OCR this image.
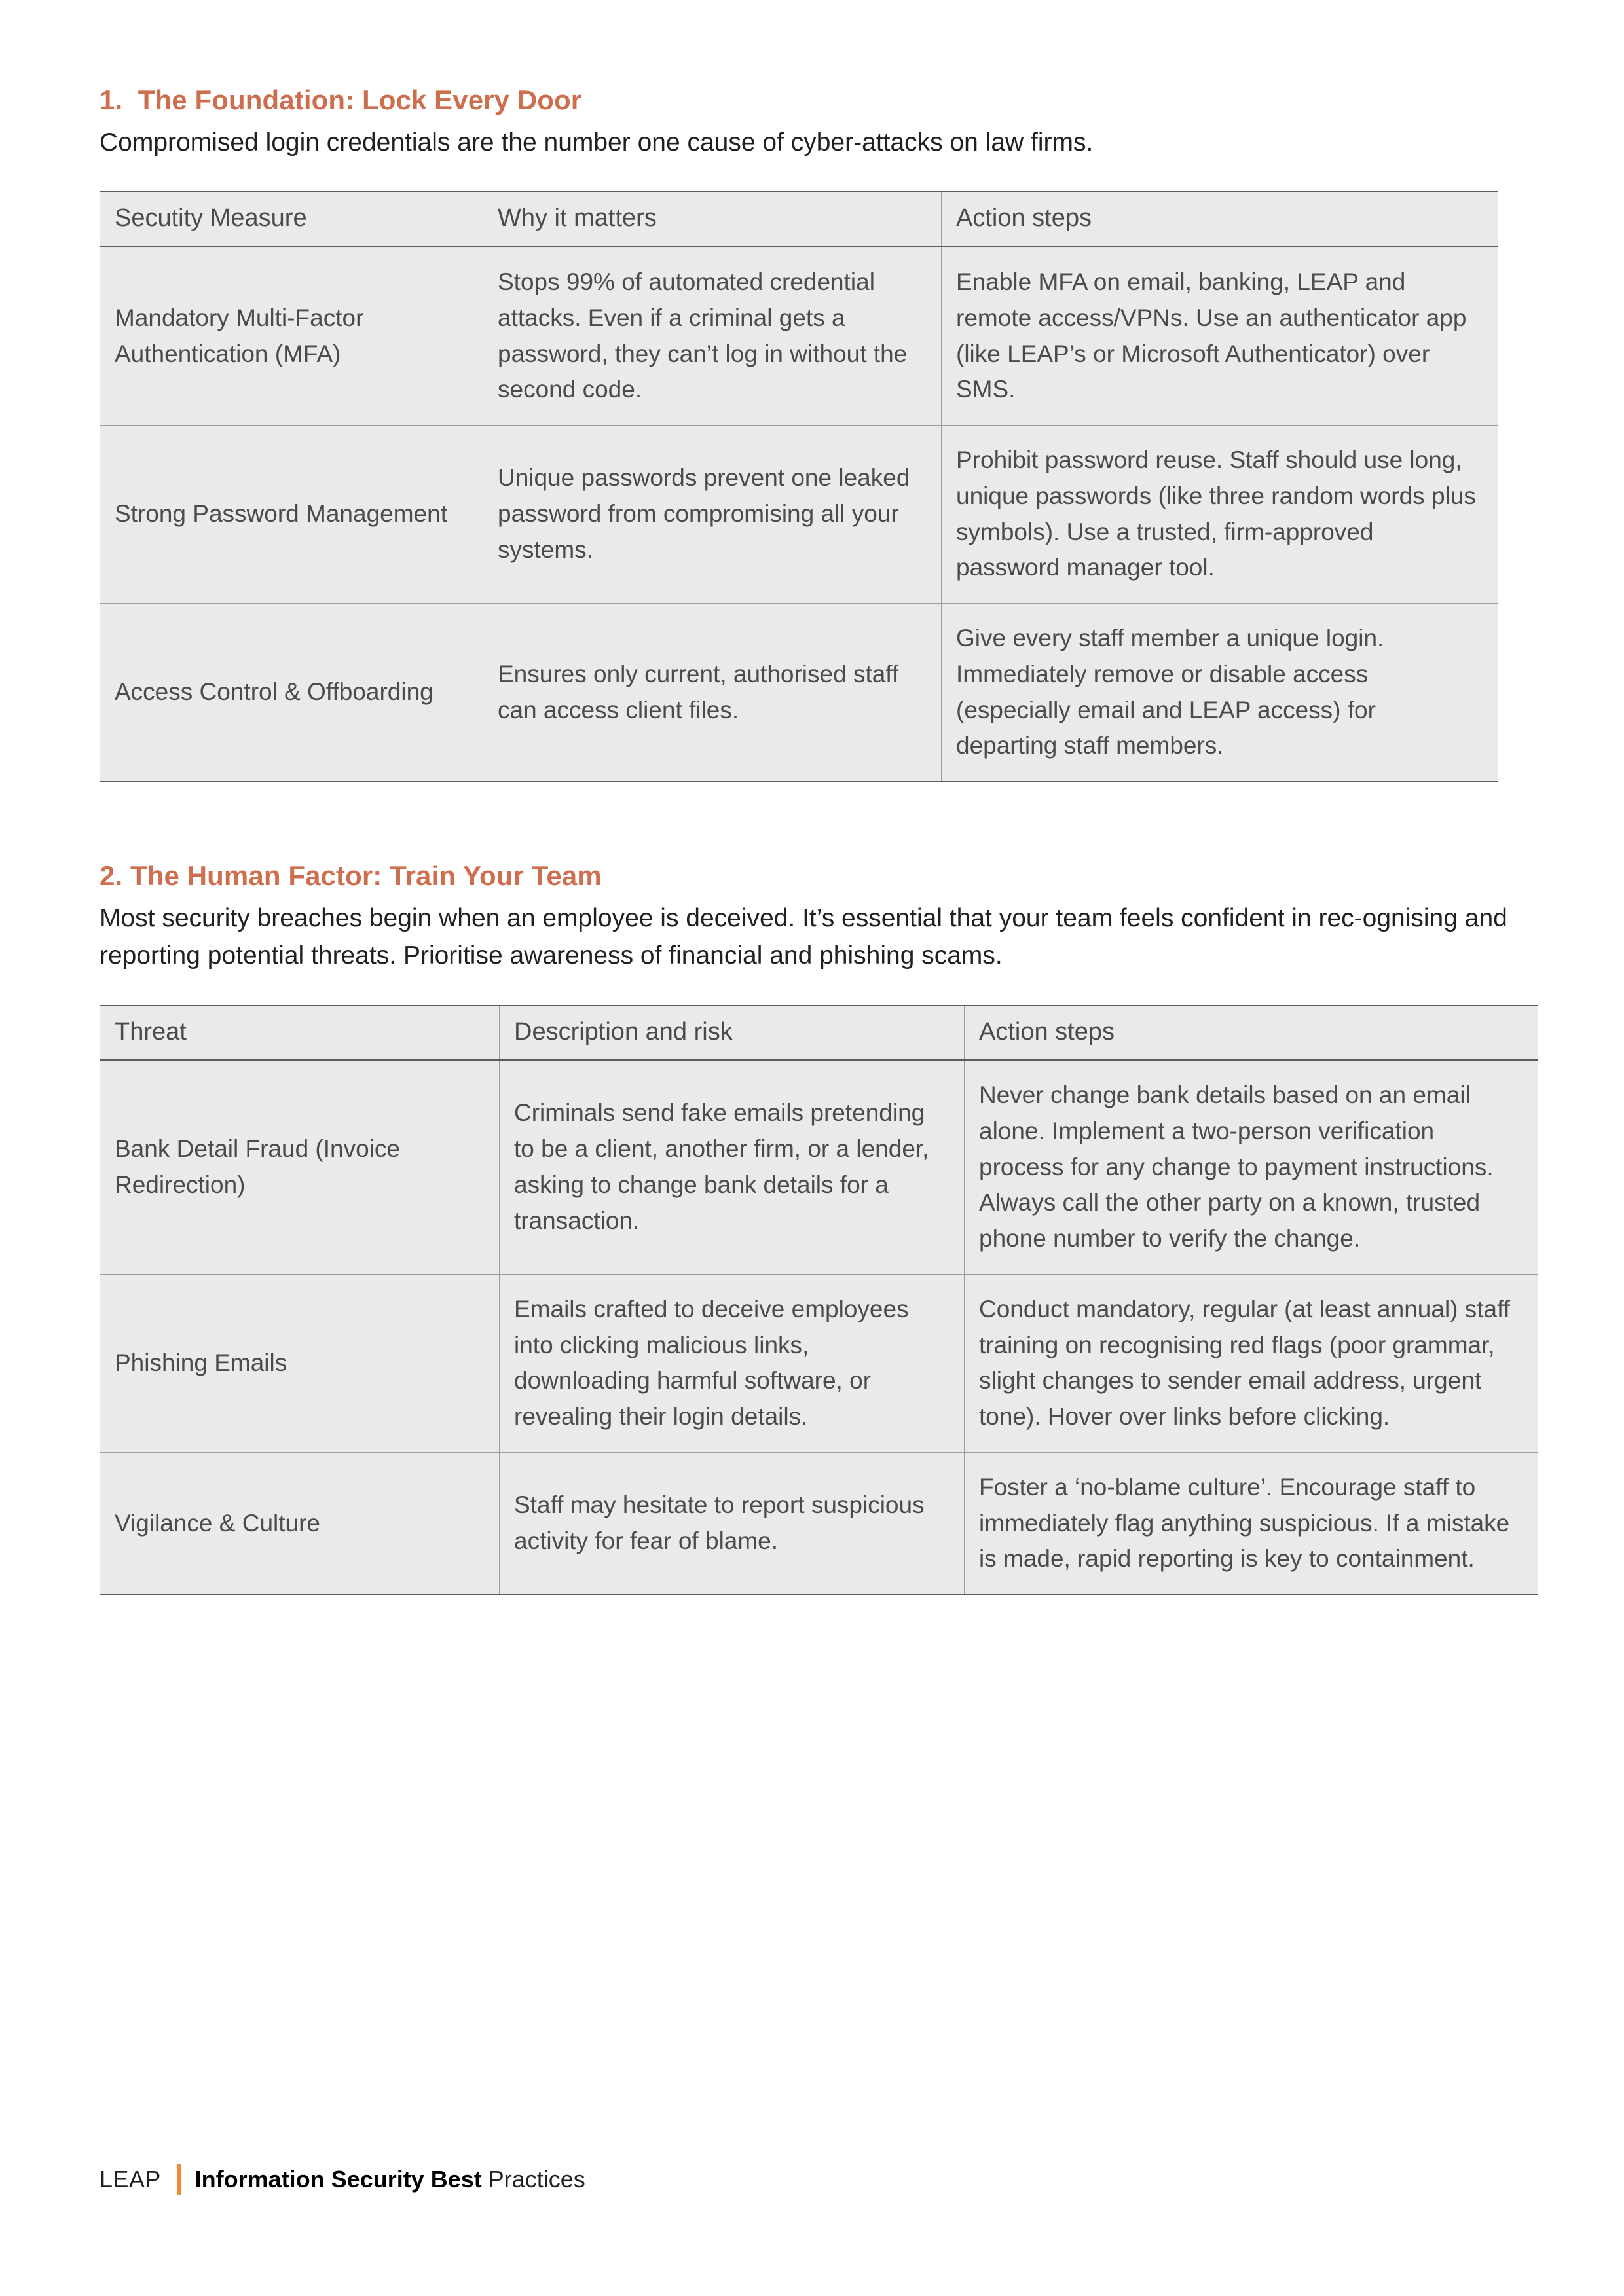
1.  The Foundation: Lock Every Door

Compromised login credentials are the number one cause of cyber-attacks on law firms.

Secutity Measure	Why it matters	Action steps
Mandatory Multi-Factor Authentication (MFA)	Stops 99% of automated credential attacks. Even if a criminal gets a password, they can’t log in without the second code.	Enable MFA on email, banking, LEAP and remote access/VPNs. Use an authenticator app (like LEAP’s or Microsoft Authenticator) over SMS.
Strong Password Management	Unique passwords prevent one leaked password from compromising all your systems.	Prohibit password reuse. Staff should use long, unique passwords (like three random words plus symbols). Use a trusted, firm-approved password manager tool.
Access Control & Offboarding	Ensures only current, authorised staff can access client files.	Give every staff member a unique login. Immediately remove or disable access (especially email and LEAP access) for departing staff members.
2. The Human Factor: Train Your Team

Most security breaches begin when an employee is deceived. It’s essential that your team feels confident in rec-ognising and reporting potential threats. Prioritise awareness of financial and phishing scams.

Threat	Description and risk	Action steps
Bank Detail Fraud (Invoice Redirection)	Criminals send fake emails pretending to be a client, another firm, or a lender, asking to change bank details for a transaction.	Never change bank details based on an email alone. Implement a two-person verification process for any change to payment instructions. Always call the other party on a known, trusted phone number to verify the change.
Phishing Emails	Emails crafted to deceive employees into clicking malicious links, downloading harmful software, or revealing their login details.	Conduct mandatory, regular (at least annual) staff training on recognising red flags (poor grammar, slight changes to sender email address, urgent tone). Hover over links before clicking.
Vigilance & Culture	Staff may hesitate to report suspicious activity for fear of blame.	Foster a ‘no-blame culture’. Encourage staff to immediately flag anything suspicious. If a mistake is made, rapid reporting is key to containment.
LEAP Information Security Best Practices
